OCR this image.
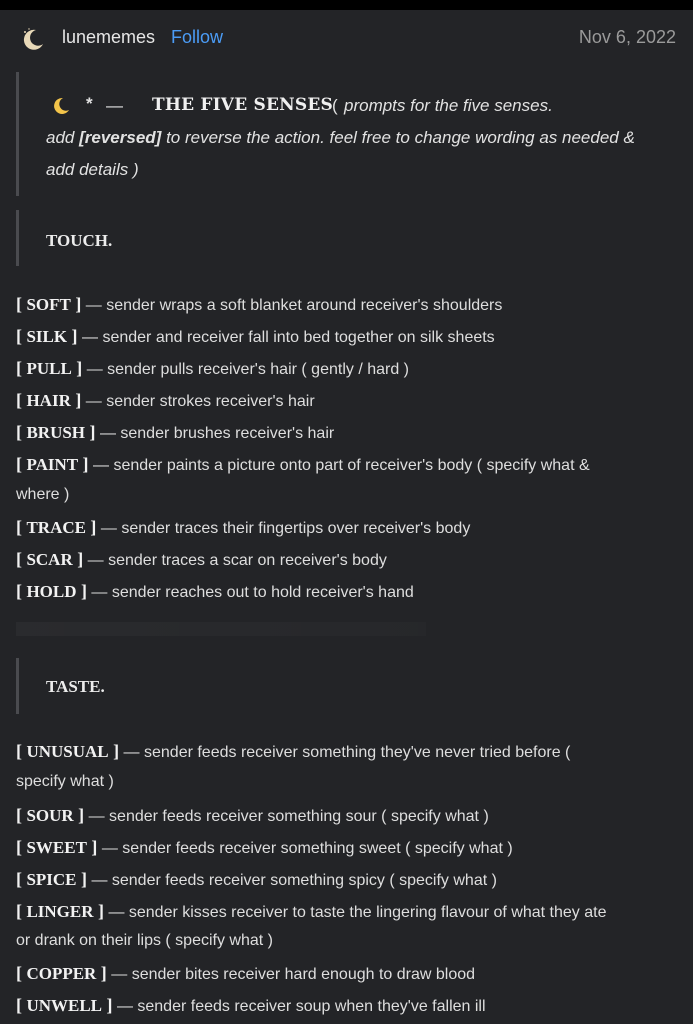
lunememes Follow	Nov 6, 2022
* — THE FIVE SENSES ( prompts for the five senses.
add [reversed] to reverse the action. feel free to change wording as needed &
add details )
TOUCH.
[ SOFT ] — sender wraps a soft blanket around receiver's shoulders
[ SILK ] — sender and receiver fall into bed together on silk sheets
[ PULL ] — sender pulls receiver's hair ( gently / hard )
[ HAIR ] — sender strokes receiver's hair
[ BRUSH ] — sender brushes receiver's hair
[ PAINT ] — sender paints a picture onto part of receiver's body ( specify what &
where )
[ TRACE ] — sender traces their fingertips over receiver's body
[ SCAR ] — sender traces a scar on receiver's body
[ HOLD ] — sender reaches out to hold receiver's hand
TASTE.
[ UNUSUAL ] — sender feeds receiver something they've never tried before (
specify what )
[ SOUR ] — sender feeds receiver something sour ( specify what )
[ SWEET ] — sender feeds receiver something sweet ( specify what )
[ SPICE ] — sender feeds receiver something spicy ( specify what )
[ LINGER ] — sender kisses receiver to taste the lingering flavour of what they ate
or drank on their lips ( specify what )
[ COPPER ] — sender bites receiver hard enough to draw blood
[ UNWELL ] — sender feeds receiver soup when they've fallen ill
